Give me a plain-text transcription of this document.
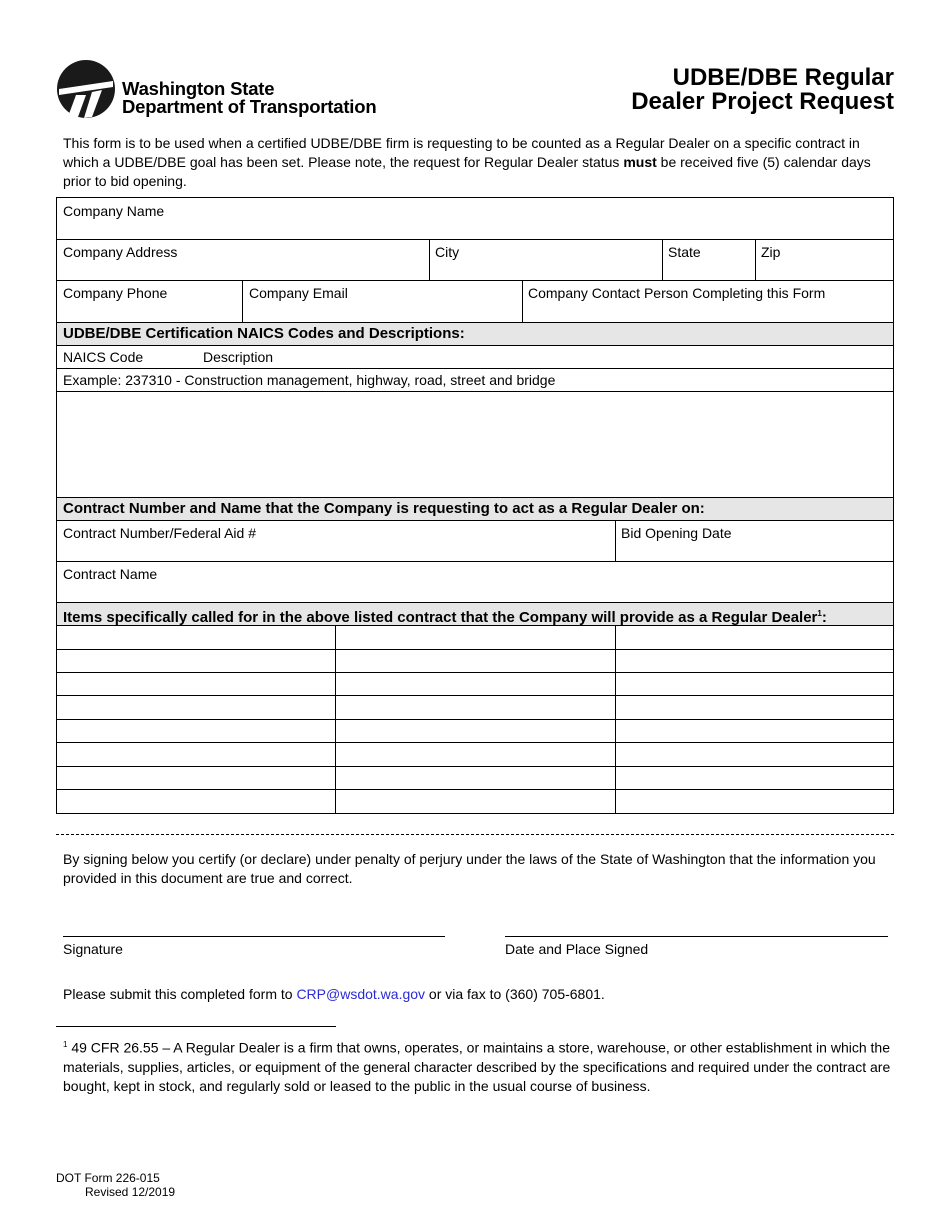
Washington State
Department of Transportation
UDBE/DBE Regular
Dealer Project Request
This form is to be used when a certified UDBE/DBE firm is requesting to be counted as a Regular Dealer on a specific contract in which a UDBE/DBE goal has been set. Please note, the request for Regular Dealer status must be received five (5) calendar days prior to bid opening.
Company Name
Company Address	City	State	Zip
Company Phone	Company Email	Company Contact Person Completing this Form
UDBE/DBE Certification NAICS Codes and Descriptions:
NAICS Code	Description
Example: 237310 - Construction management, highway, road, street and bridge
Contract Number and Name that the Company is requesting to act as a Regular Dealer on:
Contract Number/Federal Aid #	Bid Opening Date
Contract Name
Items specifically called for in the above listed contract that the Company will provide as a Regular Dealer$^1$:
By signing below you certify (or declare) under penalty of perjury under the laws of the State of Washington that the information you provided in this document are true and correct.
Signature	Date and Place Signed
Please submit this completed form to CRP@wsdot.wa.gov or via fax to (360) 705-6801.
$^1$ 49 CFR 26.55 – A Regular Dealer is a firm that owns, operates, or maintains a store, warehouse, or other establishment in which the materials, supplies, articles, or equipment of the general character described by the specifications and required under the contract are bought, kept in stock, and regularly sold or leased to the public in the usual course of business.
DOT Form 226-015
Revised 12/2019
